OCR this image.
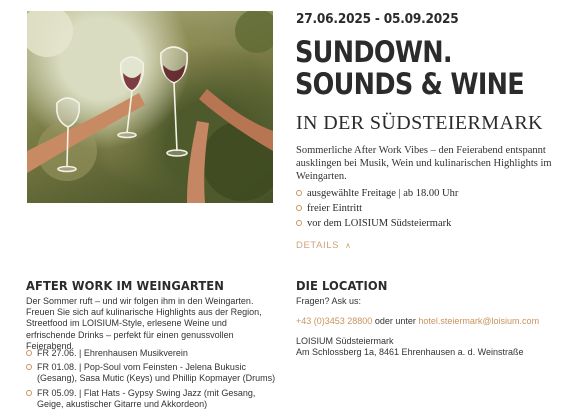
27.06.2025 - 05.09.2025
SUNDOWN.
SOUNDS & WINE
IN DER SÜDSTEIERMARK
Sommerliche After Work Vibes – den Feierabend entspannt ausklingen bei Musik, Wein und kulinarischen Highlights im Weingarten.
ausgewählte Freitage | ab 18.00 Uhr
freier Eintritt
vor dem LOISIUM Südsteiermark
DETAILS ∧
AFTER WORK IM WEINGARTEN
Der Sommer ruft – und wir folgen ihm in den Weingarten. Freuen Sie sich auf kulinarische Highlights aus der Region, Streetfood im LOISIUM-Style, erlesene Weine und erfrischende Drinks – perfekt für einen genussvollen Feierabend.
FR 27.06. | Ehrenhausen Musikverein
FR 01.08. | Pop-Soul vom Feinsten - Jelena Bukusic (Gesang), Sasa Mutic (Keys) und Phillip Kopmayer (Drums)
FR 05.09. | Flat Hats - Gypsy Swing Jazz (mit Gesang, Geige, akustischer Gitarre und Akkordeon)
DIE LOCATION
Fragen? Ask us:
+43 (0)3453 28800 oder unter hotel.steiermark@loisium.com
LOISIUM Südsteiermark
Am Schlossberg 1a, 8461 Ehrenhausen a. d. Weinstraße
